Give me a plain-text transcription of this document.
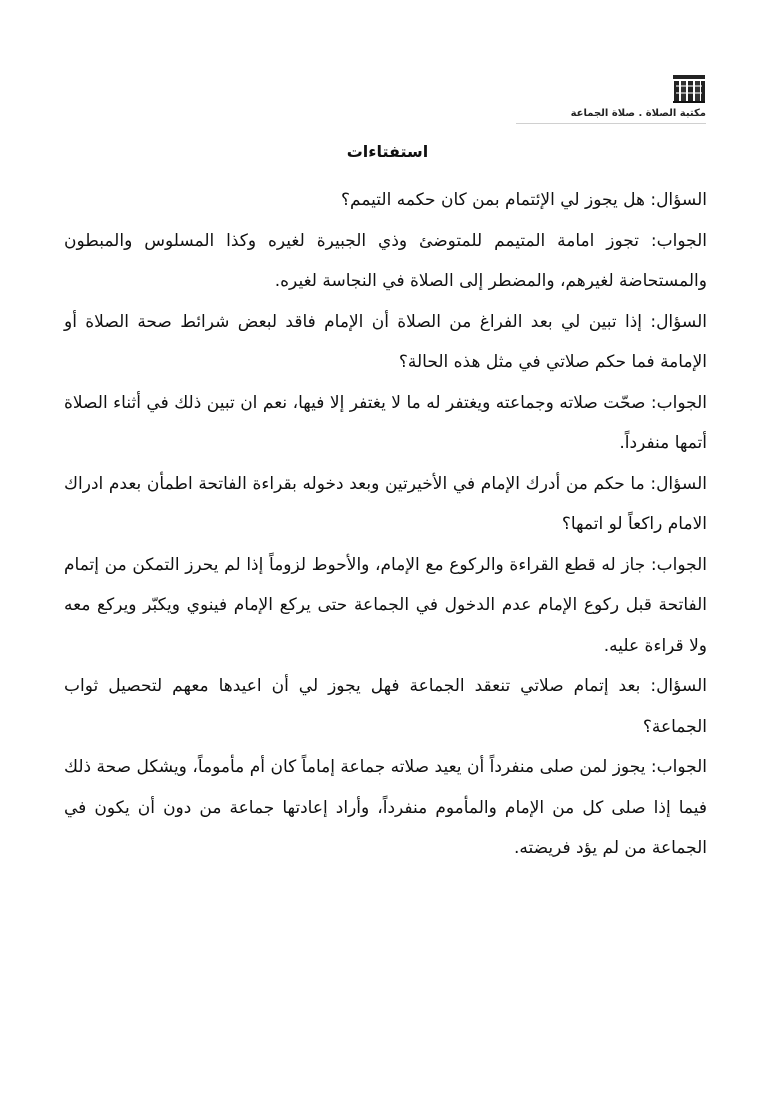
مكتبة الصلاة . صلاة الجماعة
استفتاءات

السؤال: هل يجوز لي الإئتمام بمن كان حكمه التيمم؟

الجواب: تجوز امامة المتيمم للمتوضئ وذي الجبيرة لغيره وكذا المسلوس والمبطون والمستحاضة لغيرهم، والمضطر إلى الصلاة في النجاسة لغيره.

السؤال: إذا تبين لي بعد الفراغ من الصلاة أن الإمام فاقد لبعض شرائط صحة الصلاة أو الإمامة فما حكم صلاتي في مثل هذه الحالة؟

الجواب: صحّت صلاته وجماعته ويغتفر له ما لا يغتفر إلا فيها، نعم ان تبين ذلك في أثناء الصلاة أتمها منفرداً.

السؤال: ما حكم من أدرك الإمام في الأخيرتين وبعد دخوله بقراءة الفاتحة اطمأن بعدم ادراك الامام راكعاً لو اتمها؟

الجواب: جاز له قطع القراءة والركوع مع الإمام، والأحوط لزوماً إذا لم يحرز التمكن من إتمام الفاتحة قبل ركوع الإمام عدم الدخول في الجماعة حتى يركع الإمام فينوي ويكبّر ويركع معه ولا قراءة عليه.

السؤال: بعد إتمام صلاتي تنعقد الجماعة فهل يجوز لي أن اعيدها معهم لتحصيل ثواب الجماعة؟

الجواب: يجوز لمن صلى منفرداً أن يعيد صلاته جماعة إماماً كان أم مأموماً، ويشكل صحة ذلك فيما إذا صلى كل من الإمام والمأموم منفرداً، وأراد إعادتها جماعة من دون أن يكون في الجماعة من لم يؤد فريضته.
